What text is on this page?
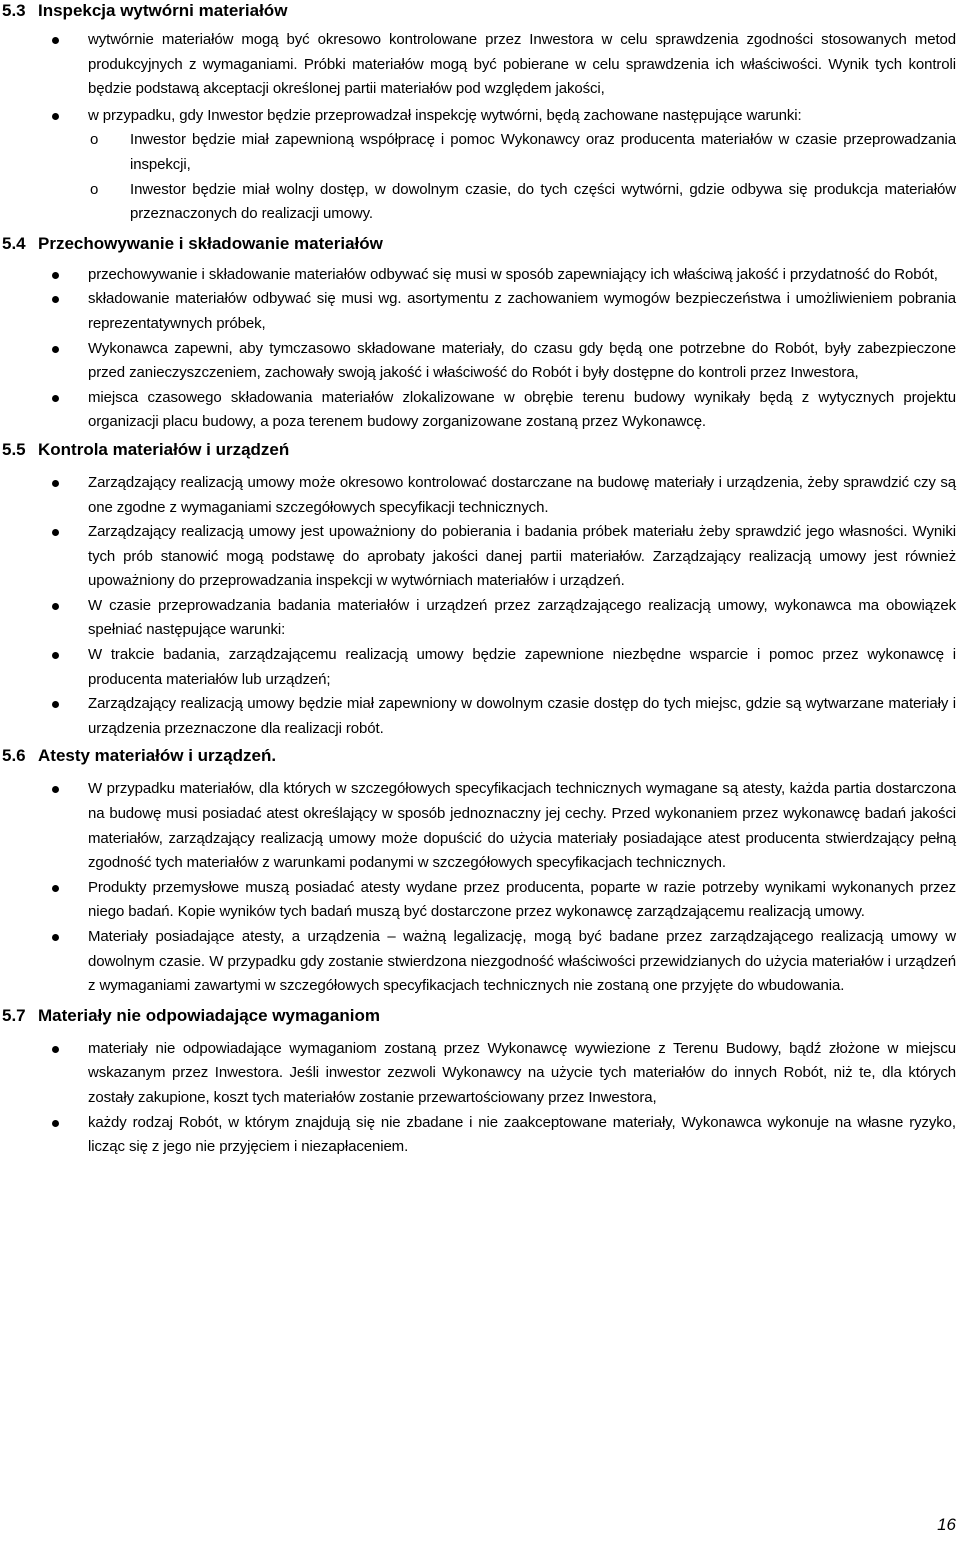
5.3 Inspekcja wytwórni materiałów
wytwórnie materiałów mogą być okresowo kontrolowane przez Inwestora w celu sprawdzenia zgodności stosowanych metod produkcyjnych z wymaganiami. Próbki materiałów mogą być pobierane w celu sprawdzenia ich właściwości. Wynik tych kontroli będzie podstawą akceptacji określonej partii materiałów pod względem jakości,
w przypadku, gdy Inwestor będzie przeprowadzał inspekcję wytwórni, będą zachowane następujące warunki:
o Inwestor będzie miał zapewnioną współpracę i pomoc Wykonawcy oraz producenta materiałów w czasie przeprowadzania inspekcji,
o Inwestor będzie miał wolny dostęp, w dowolnym czasie, do tych części wytwórni, gdzie odbywa się produkcja materiałów przeznaczonych do realizacji umowy.
5.4 Przechowywanie i składowanie materiałów
przechowywanie i składowanie materiałów odbywać się musi w sposób zapewniający ich właściwą jakość i przydatność do Robót,
składowanie materiałów odbywać się musi wg. asortymentu z zachowaniem wymogów bezpieczeństwa i umożliwieniem pobrania reprezentatywnych próbek,
Wykonawca zapewni, aby tymczasowo składowane materiały, do czasu gdy będą one potrzebne do Robót, były zabezpieczone przed zanieczyszczeniem, zachowały swoją jakość i właściwość do Robót i były dostępne do kontroli przez Inwestora,
miejsca czasowego składowania materiałów zlokalizowane w obrębie terenu budowy wynikały będą z wytycznych projektu organizacji placu budowy, a poza terenem budowy zorganizowane zostaną przez Wykonawcę.
5.5 Kontrola materiałów i urządzeń
Zarządzający realizacją umowy może okresowo kontrolować dostarczane na budowę materiały i urządzenia, żeby sprawdzić czy są one zgodne z wymaganiami szczegółowych specyfikacji technicznych.
Zarządzający realizacją umowy jest upoważniony do pobierania i badania próbek materiału żeby sprawdzić jego własności. Wyniki tych prób stanowić mogą podstawę do aprobaty jakości danej partii materiałów. Zarządzający realizacją umowy jest również upoważniony do przeprowadzania inspekcji w wytwórniach materiałów i urządzeń.
W czasie przeprowadzania badania materiałów i urządzeń przez zarządzającego realizacją umowy, wykonawca ma obowiązek spełniać następujące warunki:
W trakcie badania, zarządzającemu realizacją umowy będzie zapewnione niezbędne wsparcie i pomoc przez wykonawcę i producenta materiałów lub urządzeń;
Zarządzający realizacją umowy będzie miał zapewniony w dowolnym czasie dostęp do tych miejsc, gdzie są wytwarzane materiały i urządzenia przeznaczone dla realizacji robót.
5.6 Atesty materiałów i urządzeń.
W przypadku materiałów, dla których w szczegółowych specyfikacjach technicznych wymagane są atesty, każda partia dostarczona na budowę musi posiadać atest określający w sposób jednoznaczny jej cechy. Przed wykonaniem przez wykonawcę badań jakości materiałów, zarządzający realizacją umowy może dopuścić do użycia materiały posiadające atest producenta stwierdzający pełną zgodność tych materiałów z warunkami podanymi w szczegółowych specyfikacjach technicznych.
Produkty przemysłowe muszą posiadać atesty wydane przez producenta, poparte w razie potrzeby wynikami wykonanych przez niego badań. Kopie wyników tych badań muszą być dostarczone przez wykonawcę zarządzającemu realizacją umowy.
Materiały posiadające atesty, a urządzenia – ważną legalizację, mogą być badane przez zarządzającego realizacją umowy w dowolnym czasie. W przypadku gdy zostanie stwierdzona niezgodność właściwości przewidzianych do użycia materiałów i urządzeń z wymaganiami zawartymi w szczegółowych specyfikacjach technicznych nie zostaną one przyjęte do wbudowania.
5.7 Materiały nie odpowiadające wymaganiom
materiały nie odpowiadające wymaganiom zostaną przez Wykonawcę wywiezione z Terenu Budowy, bądź złożone w miejscu wskazanym przez Inwestora. Jeśli inwestor zezwoli Wykonawcy na użycie tych materiałów do innych Robót, niż te, dla których zostały zakupione, koszt tych materiałów zostanie przewartościowany przez Inwestora,
każdy rodzaj Robót, w którym znajdują się nie zbadane i nie zaakceptowane materiały, Wykonawca wykonuje na własne ryzyko, licząc się z jego nie przyjęciem i niezapłaceniem.
16
